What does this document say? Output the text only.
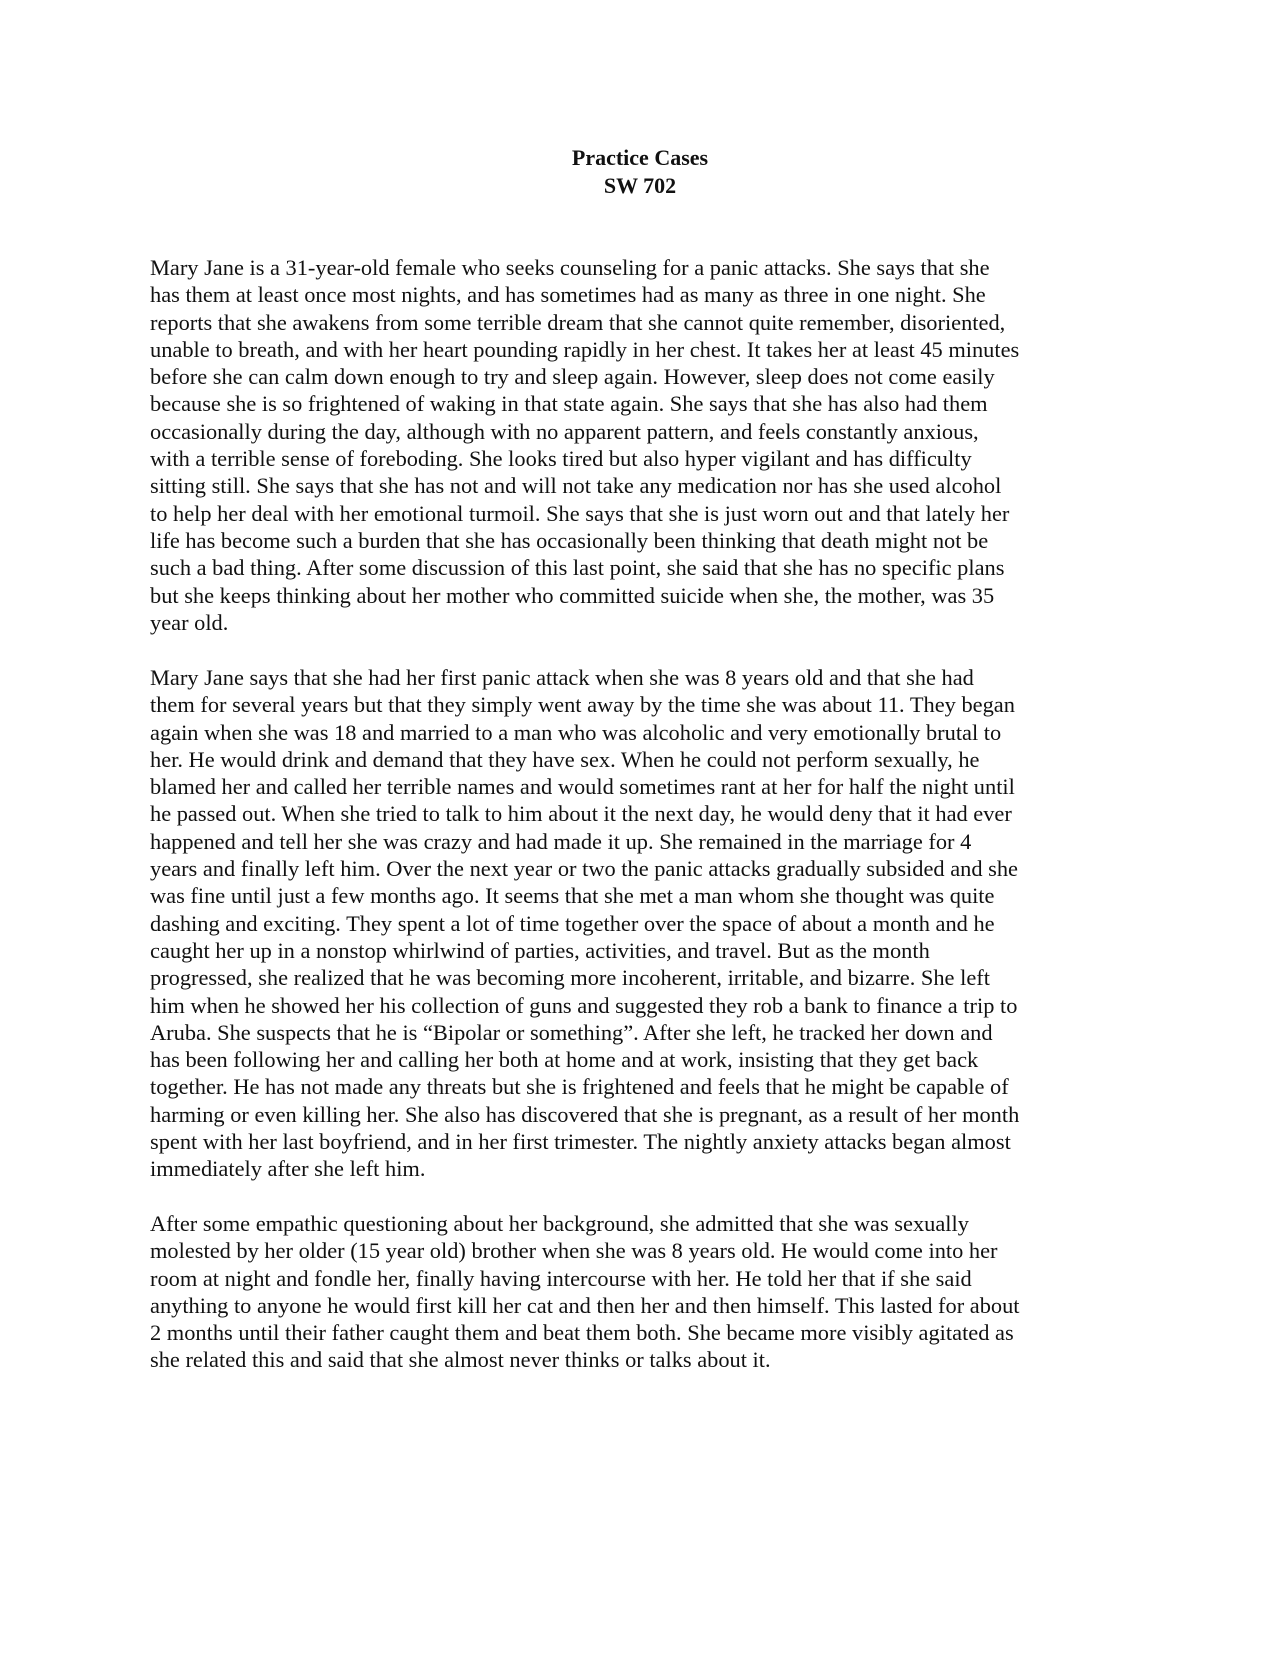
Practice Cases
SW 702
Mary Jane is a 31-year-old female who seeks counseling for a panic attacks. She says that she
has them at least once most nights, and has sometimes had as many as three in one night. She
reports that she awakens from some terrible dream that she cannot quite remember, disoriented,
unable to breath, and with her heart pounding rapidly in her chest. It takes her at least 45 minutes
before she can calm down enough to try and sleep again. However, sleep does not come easily
because she is so frightened of waking in that state again. She says that she has also had them
occasionally during the day, although with no apparent pattern, and feels constantly anxious,
with a terrible sense of foreboding. She looks tired but also hyper vigilant and has difficulty
sitting still. She says that she has not and will not take any medication nor has she used alcohol
to help her deal with her emotional turmoil. She says that she is just worn out and that lately her
life has become such a burden that she has occasionally been thinking that death might not be
such a bad thing. After some discussion of this last point, she said that she has no specific plans
but she keeps thinking about her mother who committed suicide when she, the mother, was 35
year old.
Mary Jane says that she had her first panic attack when she was 8 years old and that she had
them for several years but that they simply went away by the time she was about 11. They began
again when she was 18 and married to a man who was alcoholic and very emotionally brutal to
her. He would drink and demand that they have sex. When he could not perform sexually, he
blamed her and called her terrible names and would sometimes rant at her for half the night until
he passed out. When she tried to talk to him about it the next day, he would deny that it had ever
happened and tell her she was crazy and had made it up. She remained in the marriage for 4
years and finally left him. Over the next year or two the panic attacks gradually subsided and she
was fine until just a few months ago. It seems that she met a man whom she thought was quite
dashing and exciting. They spent a lot of time together over the space of about a month and he
caught her up in a nonstop whirlwind of parties, activities, and travel. But as the month
progressed, she realized that he was becoming more incoherent, irritable, and bizarre. She left
him when he showed her his collection of guns and suggested they rob a bank to finance a trip to
Aruba. She suspects that he is “Bipolar or something”. After she left, he tracked her down and
has been following her and calling her both at home and at work, insisting that they get back
together. He has not made any threats but she is frightened and feels that he might be capable of
harming or even killing her. She also has discovered that she is pregnant, as a result of her month
spent with her last boyfriend, and in her first trimester. The nightly anxiety attacks began almost
immediately after she left him.
After some empathic questioning about her background, she admitted that she was sexually
molested by her older (15 year old) brother when she was 8 years old. He would come into her
room at night and fondle her, finally having intercourse with her. He told her that if she said
anything to anyone he would first kill her cat and then her and then himself. This lasted for about
2 months until their father caught them and beat them both. She became more visibly agitated as
she related this and said that she almost never thinks or talks about it.
